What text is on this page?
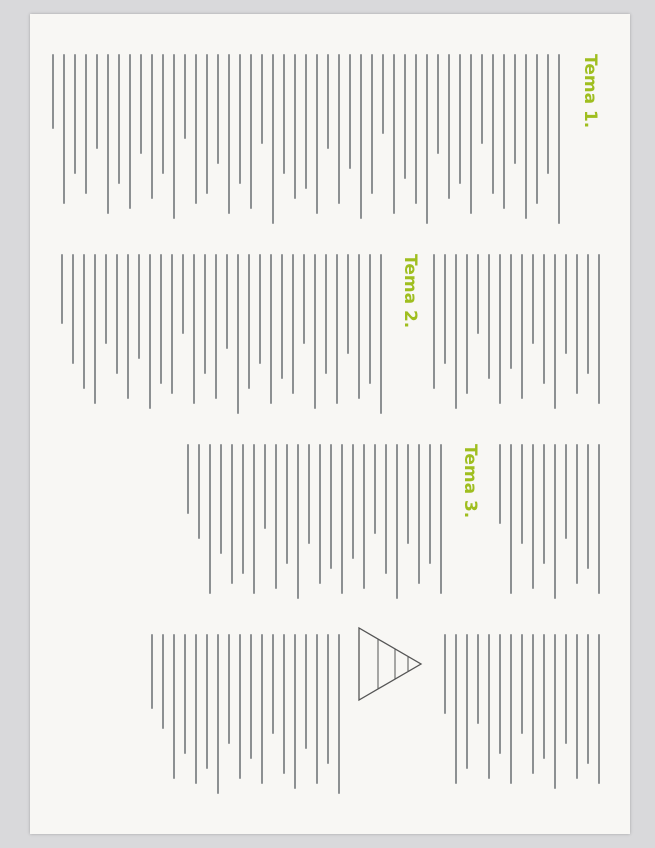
Tema 1.
Tema 2.
Tema 3.
